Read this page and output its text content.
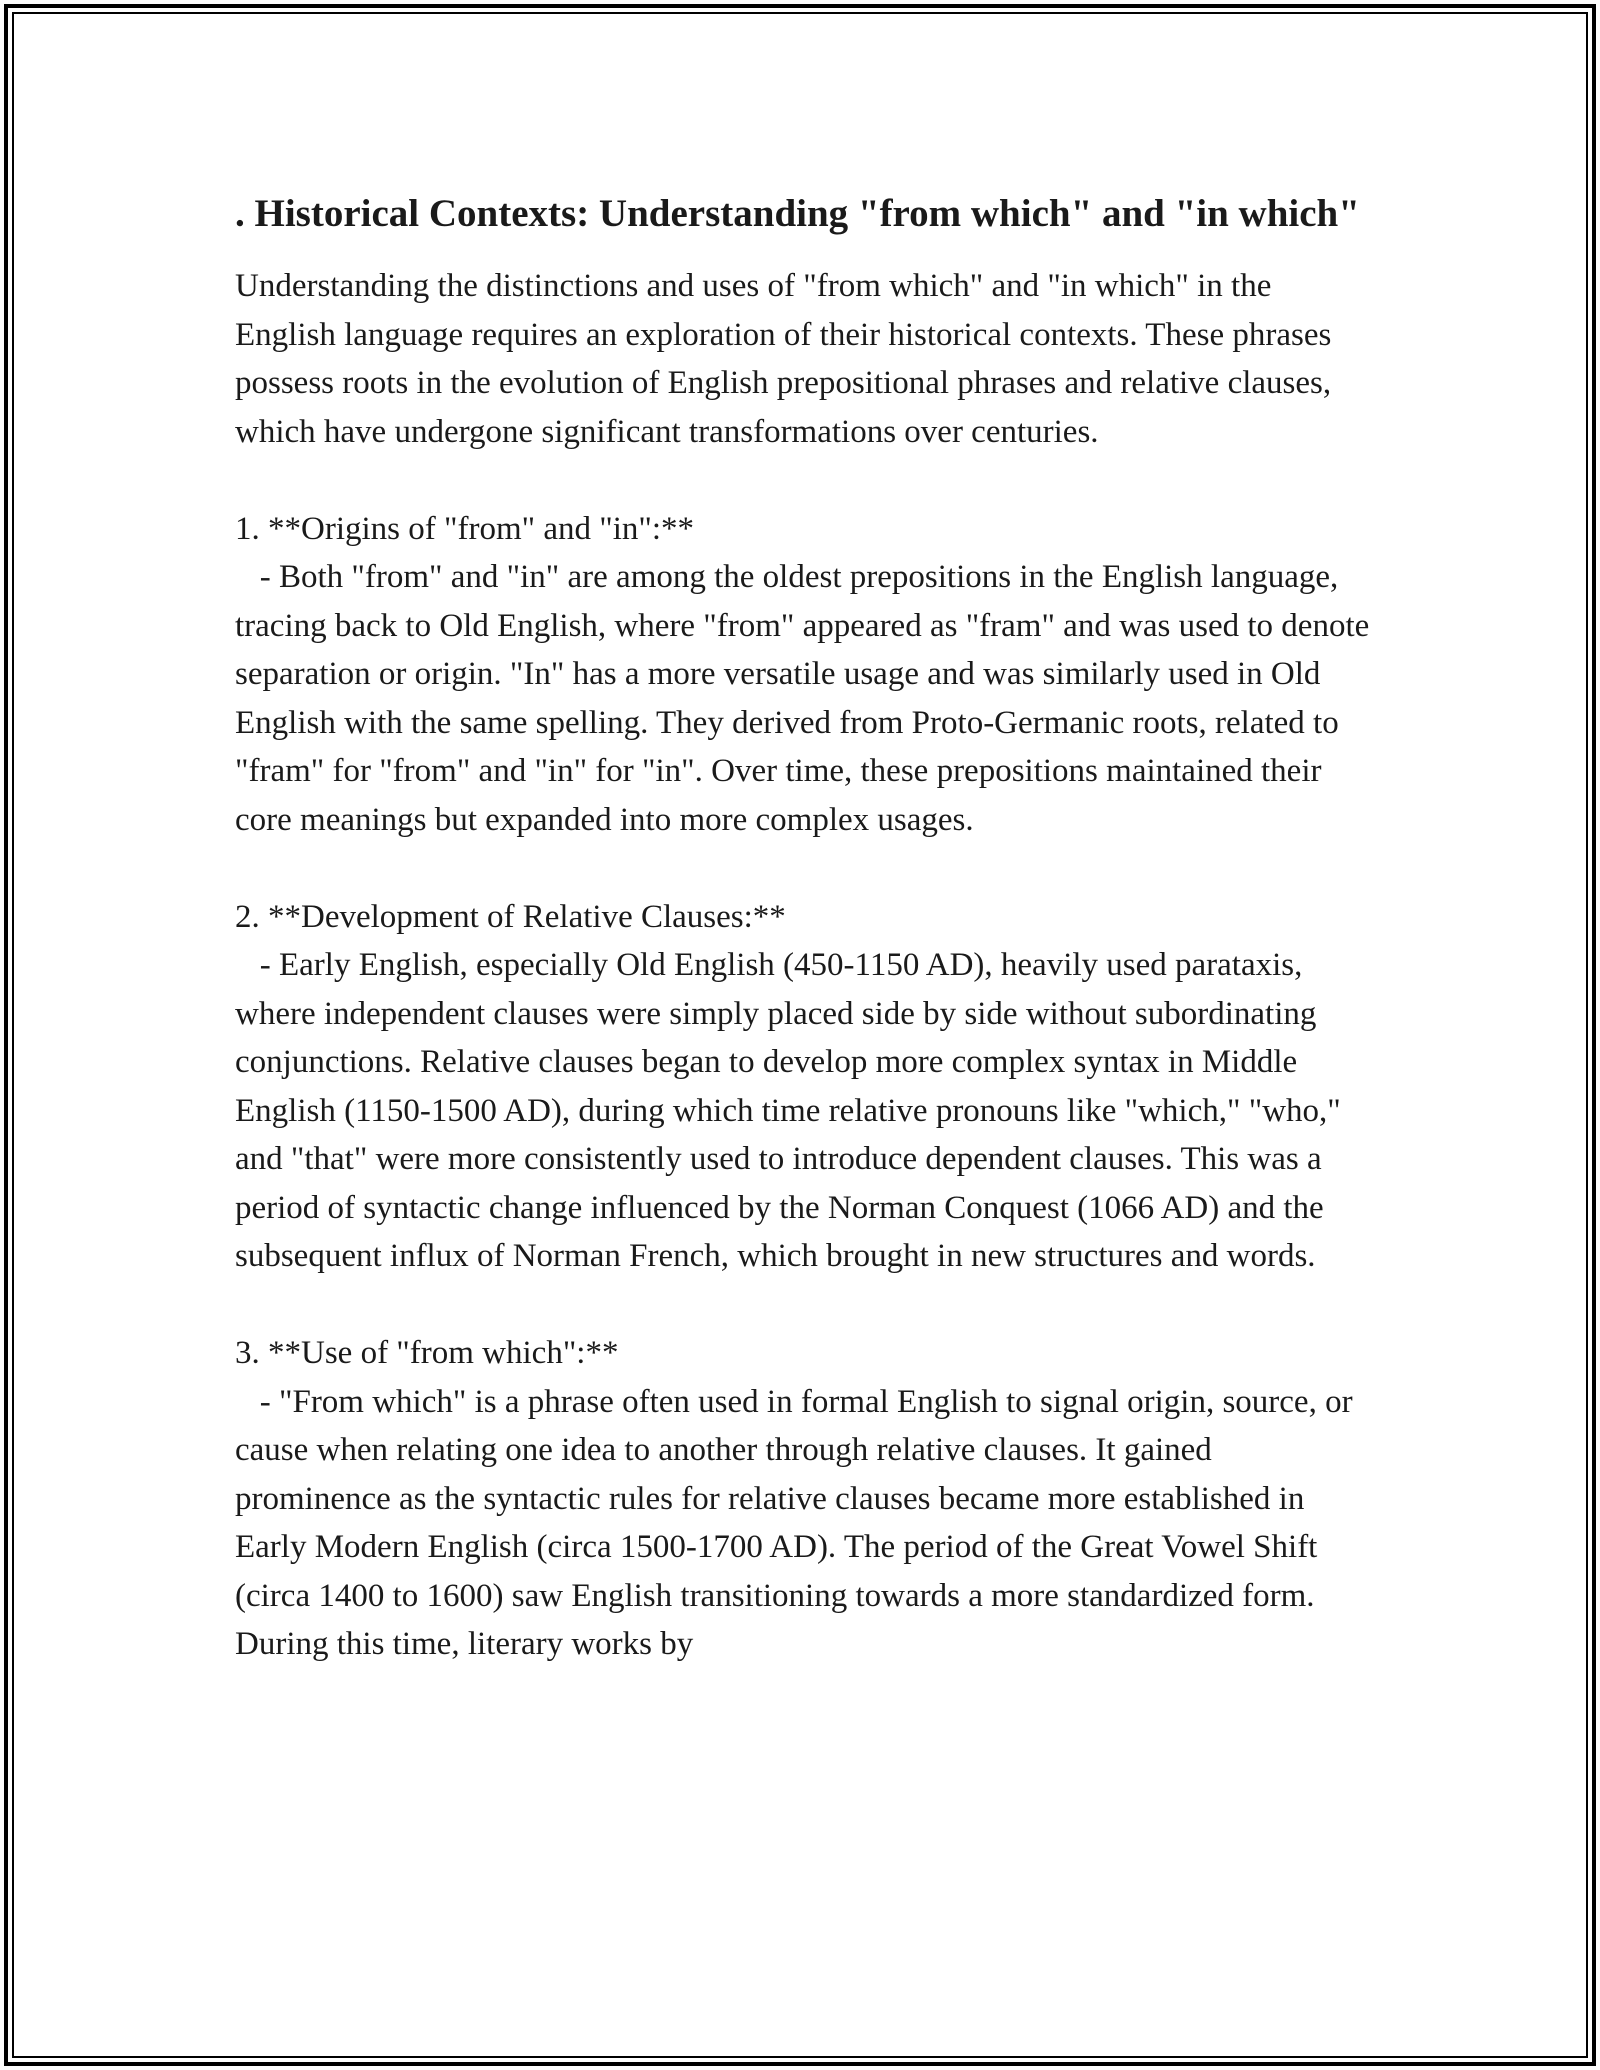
. Historical Contexts: Understanding "from which" and "in which"

Understanding the distinctions and uses of "from which" and "in which" in the English language requires an exploration of their historical contexts. These phrases possess roots in the evolution of English prepositional phrases and relative clauses, which have undergone significant transformations over centuries.

1. **Origins of "from" and "in":**
- Both "from" and "in" are among the oldest prepositions in the English language, tracing back to Old English, where "from" appeared as "fram" and was used to denote separation or origin. "In" has a more versatile usage and was similarly used in Old English with the same spelling. They derived from Proto-Germanic roots, related to "fram" for "from" and "in" for "in". Over time, these prepositions maintained their core meanings but expanded into more complex usages.
2. **Development of Relative Clauses:**
- Early English, especially Old English (450-1150 AD), heavily used parataxis, where independent clauses were simply placed side by side without subordinating conjunctions. Relative clauses began to develop more complex syntax in Middle English (1150-1500 AD), during which time relative pronouns like "which," "who," and "that" were more consistently used to introduce dependent clauses. This was a period of syntactic change influenced by the Norman Conquest (1066 AD) and the subsequent influx of Norman French, which brought in new structures and words.
3. **Use of "from which":**
- "From which" is a phrase often used in formal English to signal origin, source, or cause when relating one idea to another through relative clauses. It gained prominence as the syntactic rules for relative clauses became more established in Early Modern English (circa 1500-1700 AD). The period of the Great Vowel Shift (circa 1400 to 1600) saw English transitioning towards a more standardized form. During this time, literary works by
